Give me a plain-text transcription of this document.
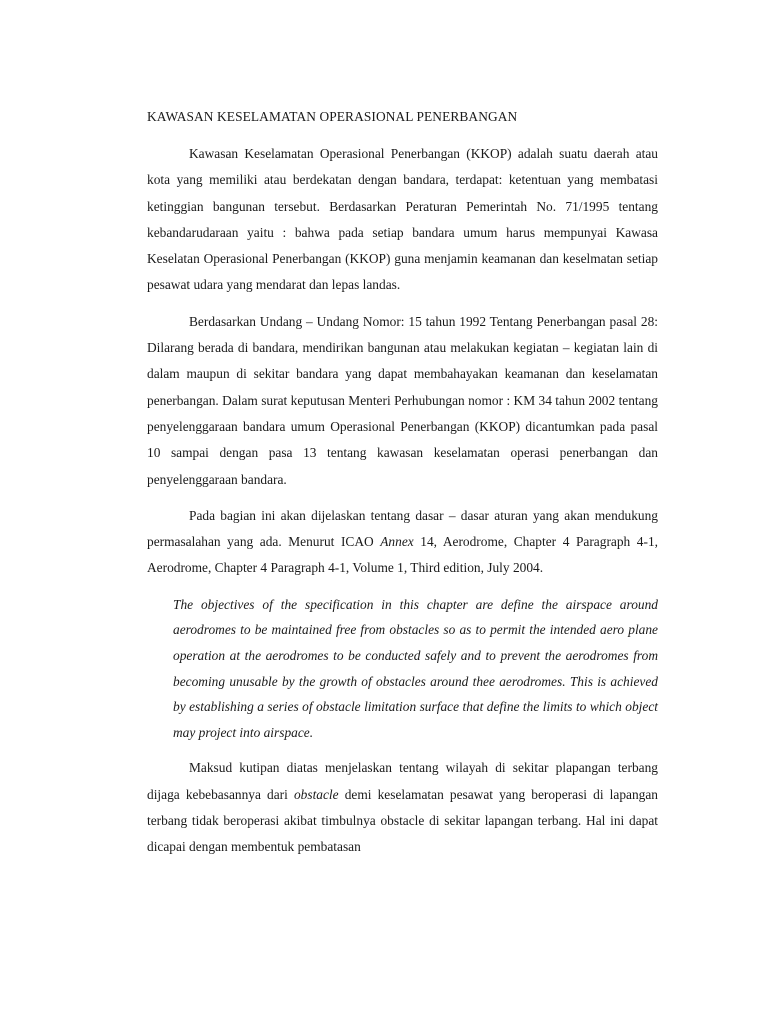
KAWASAN KESELAMATAN OPERASIONAL PENERBANGAN

Kawasan Keselamatan Operasional Penerbangan (KKOP) adalah suatu daerah atau kota yang memiliki atau berdekatan dengan bandara, terdapat: ketentuan yang membatasi ketinggian bangunan tersebut. Berdasarkan Peraturan Pemerintah No. 71/1995 tentang kebandarudaraan yaitu : bahwa pada setiap bandara umum harus mempunyai Kawasa Keselatan Operasional Penerbangan (KKOP) guna menjamin keamanan dan keselmatan setiap pesawat udara yang mendarat dan lepas landas.

Berdasarkan Undang – Undang Nomor: 15 tahun 1992 Tentang Penerbangan pasal 28: Dilarang berada di bandara, mendirikan bangunan atau melakukan kegiatan – kegiatan lain di dalam maupun di sekitar bandara yang dapat membahayakan keamanan dan keselamatan penerbangan. Dalam surat keputusan Menteri Perhubungan nomor : KM 34 tahun 2002 tentang penyelenggaraan bandara umum Operasional Penerbangan (KKOP) dicantumkan pada pasal 10 sampai dengan pasa 13 tentang kawasan keselamatan operasi penerbangan dan penyelenggaraan bandara.

Pada bagian ini akan dijelaskan tentang dasar – dasar aturan yang akan mendukung permasalahan yang ada. Menurut ICAO Annex 14, Aerodrome, Chapter 4 Paragraph 4-1, Aerodrome, Chapter 4 Paragraph 4-1, Volume 1, Third edition, July 2004.

The objectives of the specification in this chapter are define the airspace around aerodromes to be maintained free from obstacles so as to permit the intended aero plane operation at the aerodromes to be conducted safely and to prevent the aerodromes from becoming unusable by the growth of obstacles around thee aerodromes. This is achieved by establishing a series of obstacle limitation surface that define the limits to which object may project into airspace.

Maksud kutipan diatas menjelaskan tentang wilayah di sekitar plapangan terbang dijaga kebebasannya dari obstacle demi keselamatan pesawat yang beroperasi di lapangan terbang tidak beroperasi akibat timbulnya obstacle di sekitar lapangan terbang. Hal ini dapat dicapai dengan membentuk pembatasan
